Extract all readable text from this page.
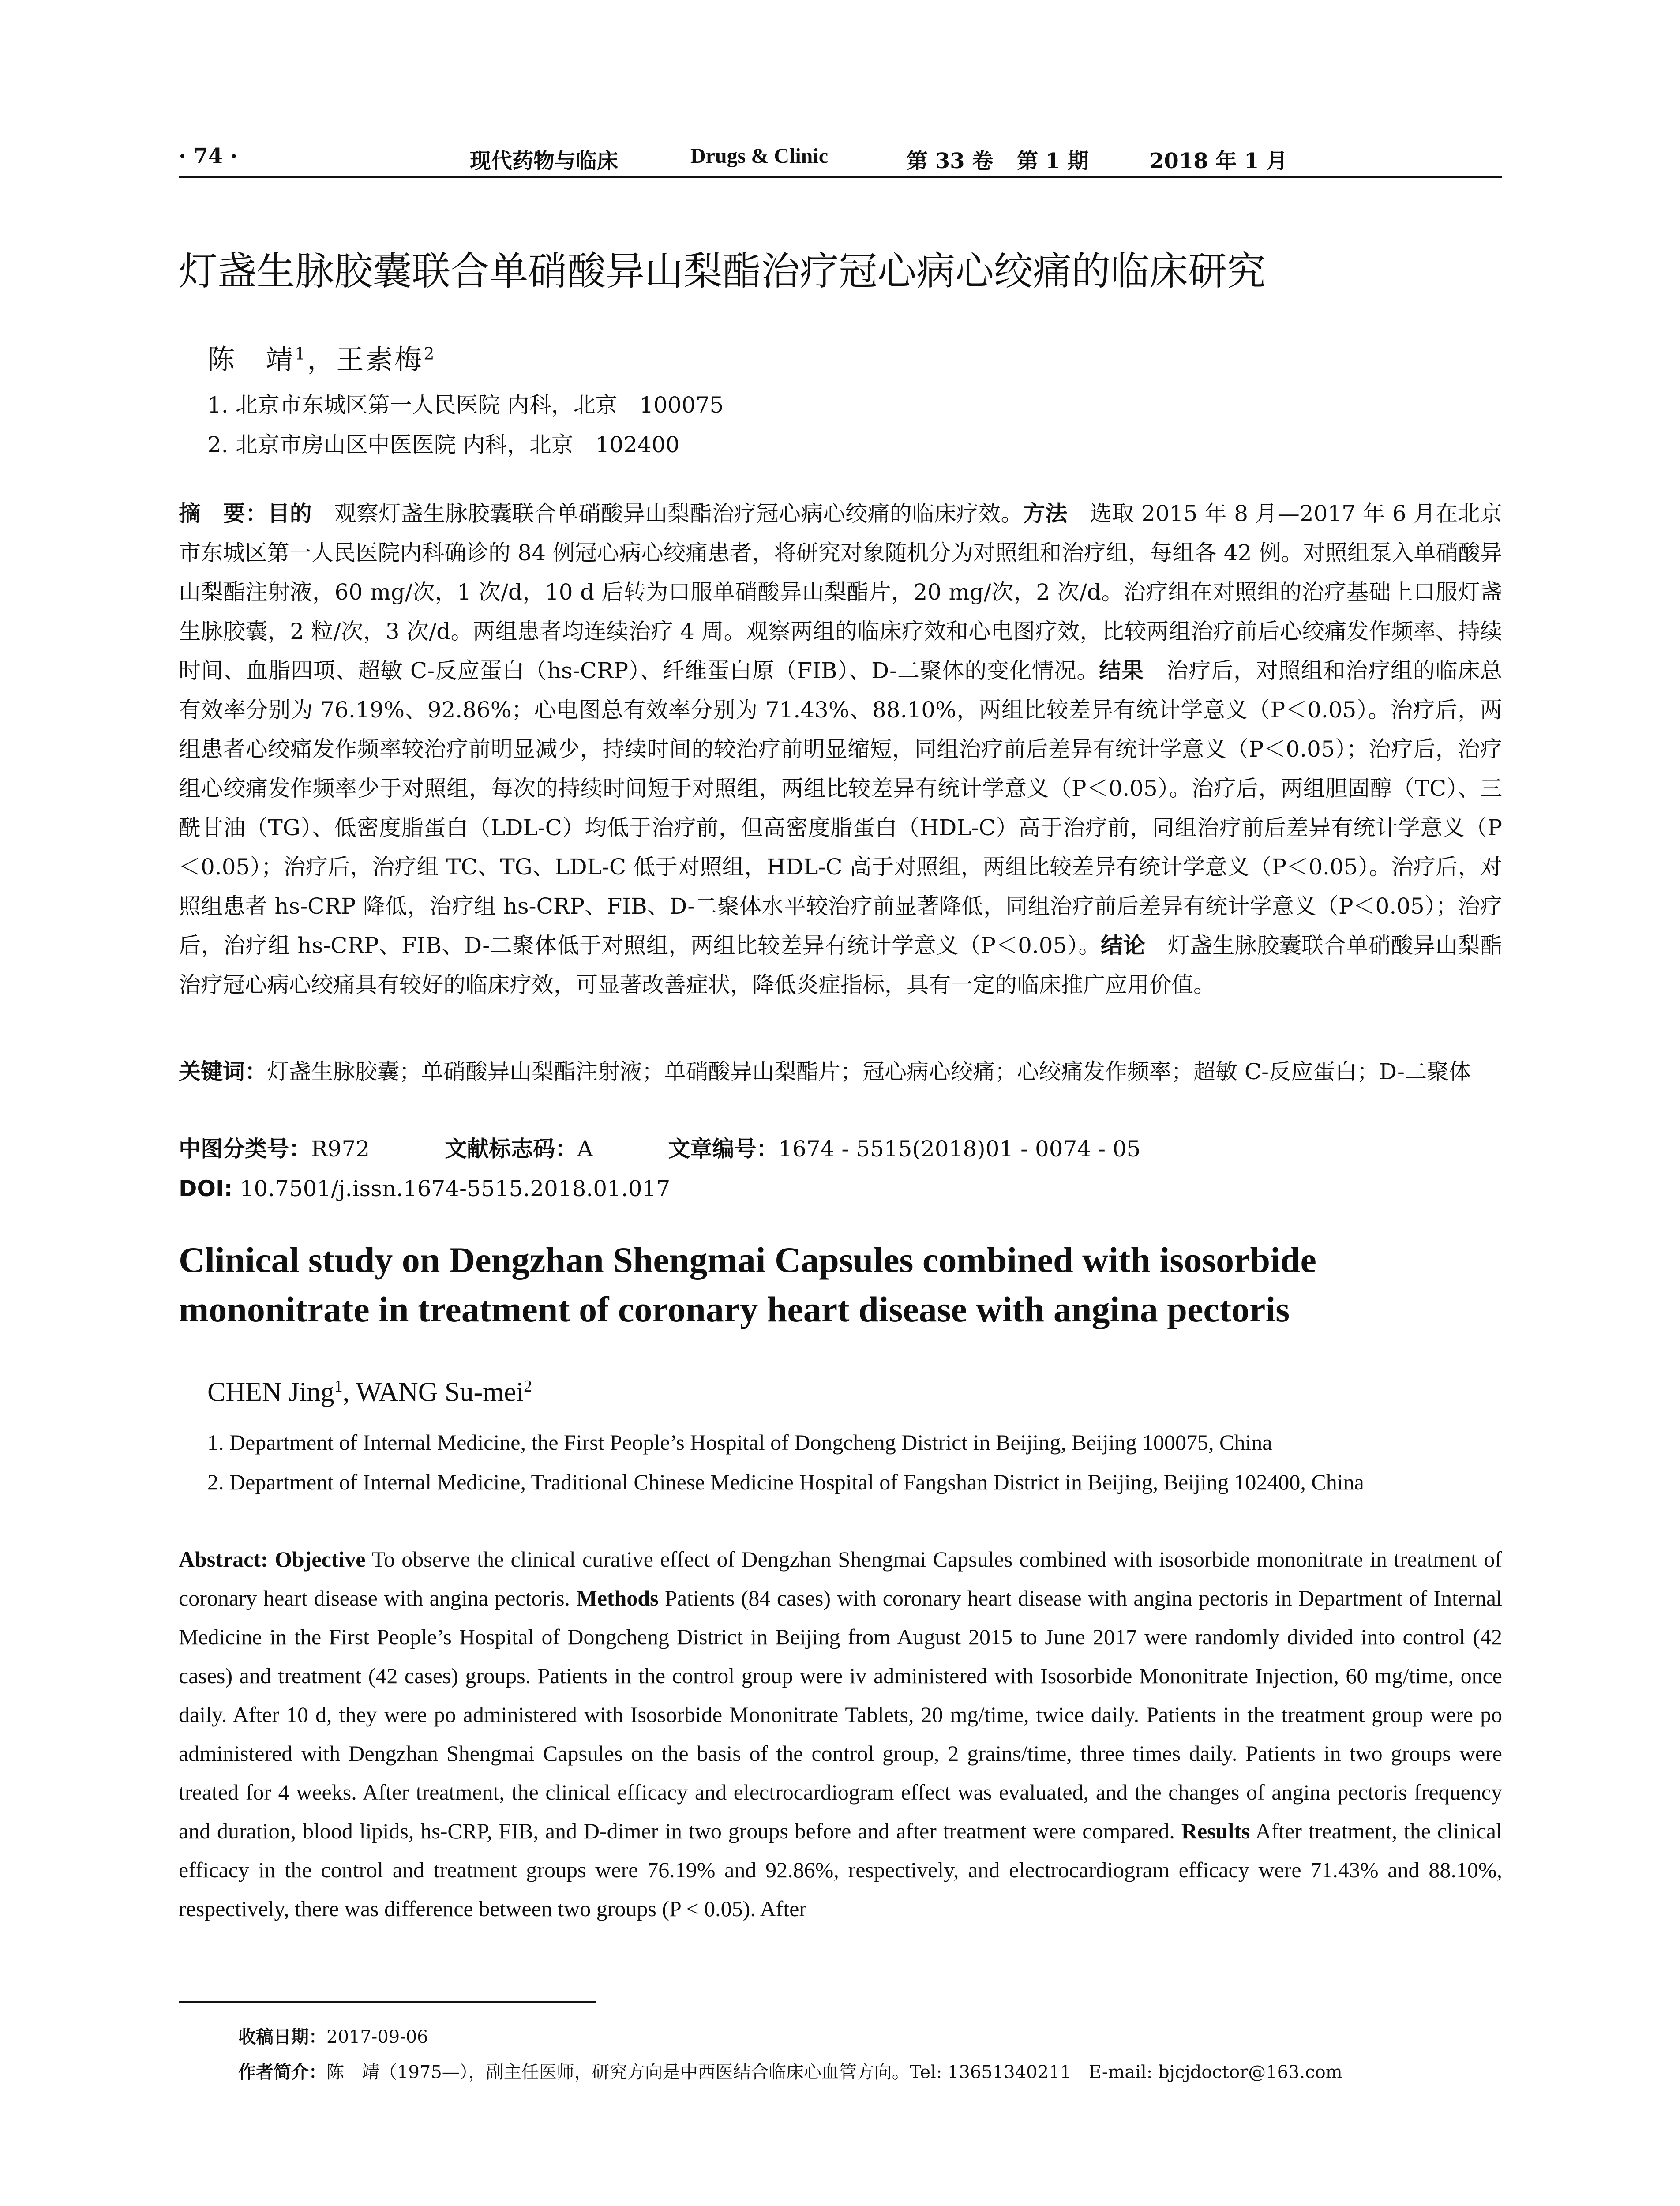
· 74 ·	现代药物与临床	Drugs & Clinic	第 33 卷 第 1 期	2018 年 1 月
灯盏生脉胶囊联合单硝酸异山梨酯治疗冠心病心绞痛的临床研究
陈　靖$^1$，王素梅$^2$
1. 北京市东城区第一人民医院 内科，北京　100075
2. 北京市房山区中医医院 内科，北京　102400
摘　要：目的　观察灯盏生脉胶囊联合单硝酸异山梨酯治疗冠心病心绞痛的临床疗效。方法　选取 2015 年 8 月—2017 年 6 月在北京市东城区第一人民医院内科确诊的 84 例冠心病心绞痛患者，将研究对象随机分为对照组和治疗组，每组各 42 例。对照组泵入单硝酸异山梨酯注射液，60 mg/次，1 次/d，10 d 后转为口服单硝酸异山梨酯片，20 mg/次，2 次/d。治疗组在对照组的治疗基础上口服灯盏生脉胶囊，2 粒/次，3 次/d。两组患者均连续治疗 4 周。观察两组的临床疗效和心电图疗效，比较两组治疗前后心绞痛发作频率、持续时间、血脂四项、超敏 C-反应蛋白（hs-CRP）、纤维蛋白原（FIB）、D-二聚体的变化情况。结果　治疗后，对照组和治疗组的临床总有效率分别为 76.19%、92.86%；心电图总有效率分别为 71.43%、88.10%，两组比较差异有统计学意义（P＜0.05）。治疗后，两组患者心绞痛发作频率较治疗前明显减少，持续时间的较治疗前明显缩短，同组治疗前后差异有统计学意义（P＜0.05）；治疗后，治疗组心绞痛发作频率少于对照组，每次的持续时间短于对照组，两组比较差异有统计学意义（P＜0.05）。治疗后，两组胆固醇（TC）、三酰甘油（TG）、低密度脂蛋白（LDL-C）均低于治疗前，但高密度脂蛋白（HDL-C）高于治疗前，同组治疗前后差异有统计学意义（P＜0.05）；治疗后，治疗组 TC、TG、LDL-C 低于对照组，HDL-C 高于对照组，两组比较差异有统计学意义（P＜0.05）。治疗后，对照组患者 hs-CRP 降低，治疗组 hs-CRP、FIB、D-二聚体水平较治疗前显著降低，同组治疗前后差异有统计学意义（P＜0.05）；治疗后，治疗组 hs-CRP、FIB、D-二聚体低于对照组，两组比较差异有统计学意义（P＜0.05）。结论　灯盏生脉胶囊联合单硝酸异山梨酯治疗冠心病心绞痛具有较好的临床疗效，可显著改善症状，降低炎症指标，具有一定的临床推广应用价值。
关键词：灯盏生脉胶囊；单硝酸异山梨酯注射液；单硝酸异山梨酯片；冠心病心绞痛；心绞痛发作频率；超敏 C-反应蛋白；D-二聚体
中图分类号：R972	文献标志码：A	文章编号：1674 - 5515(2018)01 - 0074 - 05
DOI: 10.7501/j.issn.1674-5515.2018.01.017
Clinical study on Dengzhan Shengmai Capsules combined with isosorbide mononitrate in treatment of coronary heart disease with angina pectoris
CHEN Jing$^1$, WANG Su-mei$^2$
1. Department of Internal Medicine, the First People’s Hospital of Dongcheng District in Beijing, Beijing 100075, China
2. Department of Internal Medicine, Traditional Chinese Medicine Hospital of Fangshan District in Beijing, Beijing 102400, China
Abstract: Objective To observe the clinical curative effect of Dengzhan Shengmai Capsules combined with isosorbide mononitrate in treatment of coronary heart disease with angina pectoris. Methods Patients (84 cases) with coronary heart disease with angina pectoris in Department of Internal Medicine in the First People’s Hospital of Dongcheng District in Beijing from August 2015 to June 2017 were randomly divided into control (42 cases) and treatment (42 cases) groups. Patients in the control group were iv administered with Isosorbide Mononitrate Injection, 60 mg/time, once daily. After 10 d, they were po administered with Isosorbide Mononitrate Tablets, 20 mg/time, twice daily. Patients in the treatment group were po administered with Dengzhan Shengmai Capsules on the basis of the control group, 2 grains/time, three times daily. Patients in two groups were treated for 4 weeks. After treatment, the clinical efficacy and electrocardiogram effect was evaluated, and the changes of angina pectoris frequency and duration, blood lipids, hs-CRP, FIB, and D-dimer in two groups before and after treatment were compared. Results After treatment, the clinical efficacy in the control and treatment groups were 76.19% and 92.86%, respectively, and electrocardiogram efficacy were 71.43% and 88.10%, respectively, there was difference between two groups (P < 0.05). After
收稿日期：2017-09-06
作者简介：陈　靖（1975—），副主任医师，研究方向是中西医结合临床心血管方向。Tel: 13651340211　E-mail: bjcjdoctor@163.com
